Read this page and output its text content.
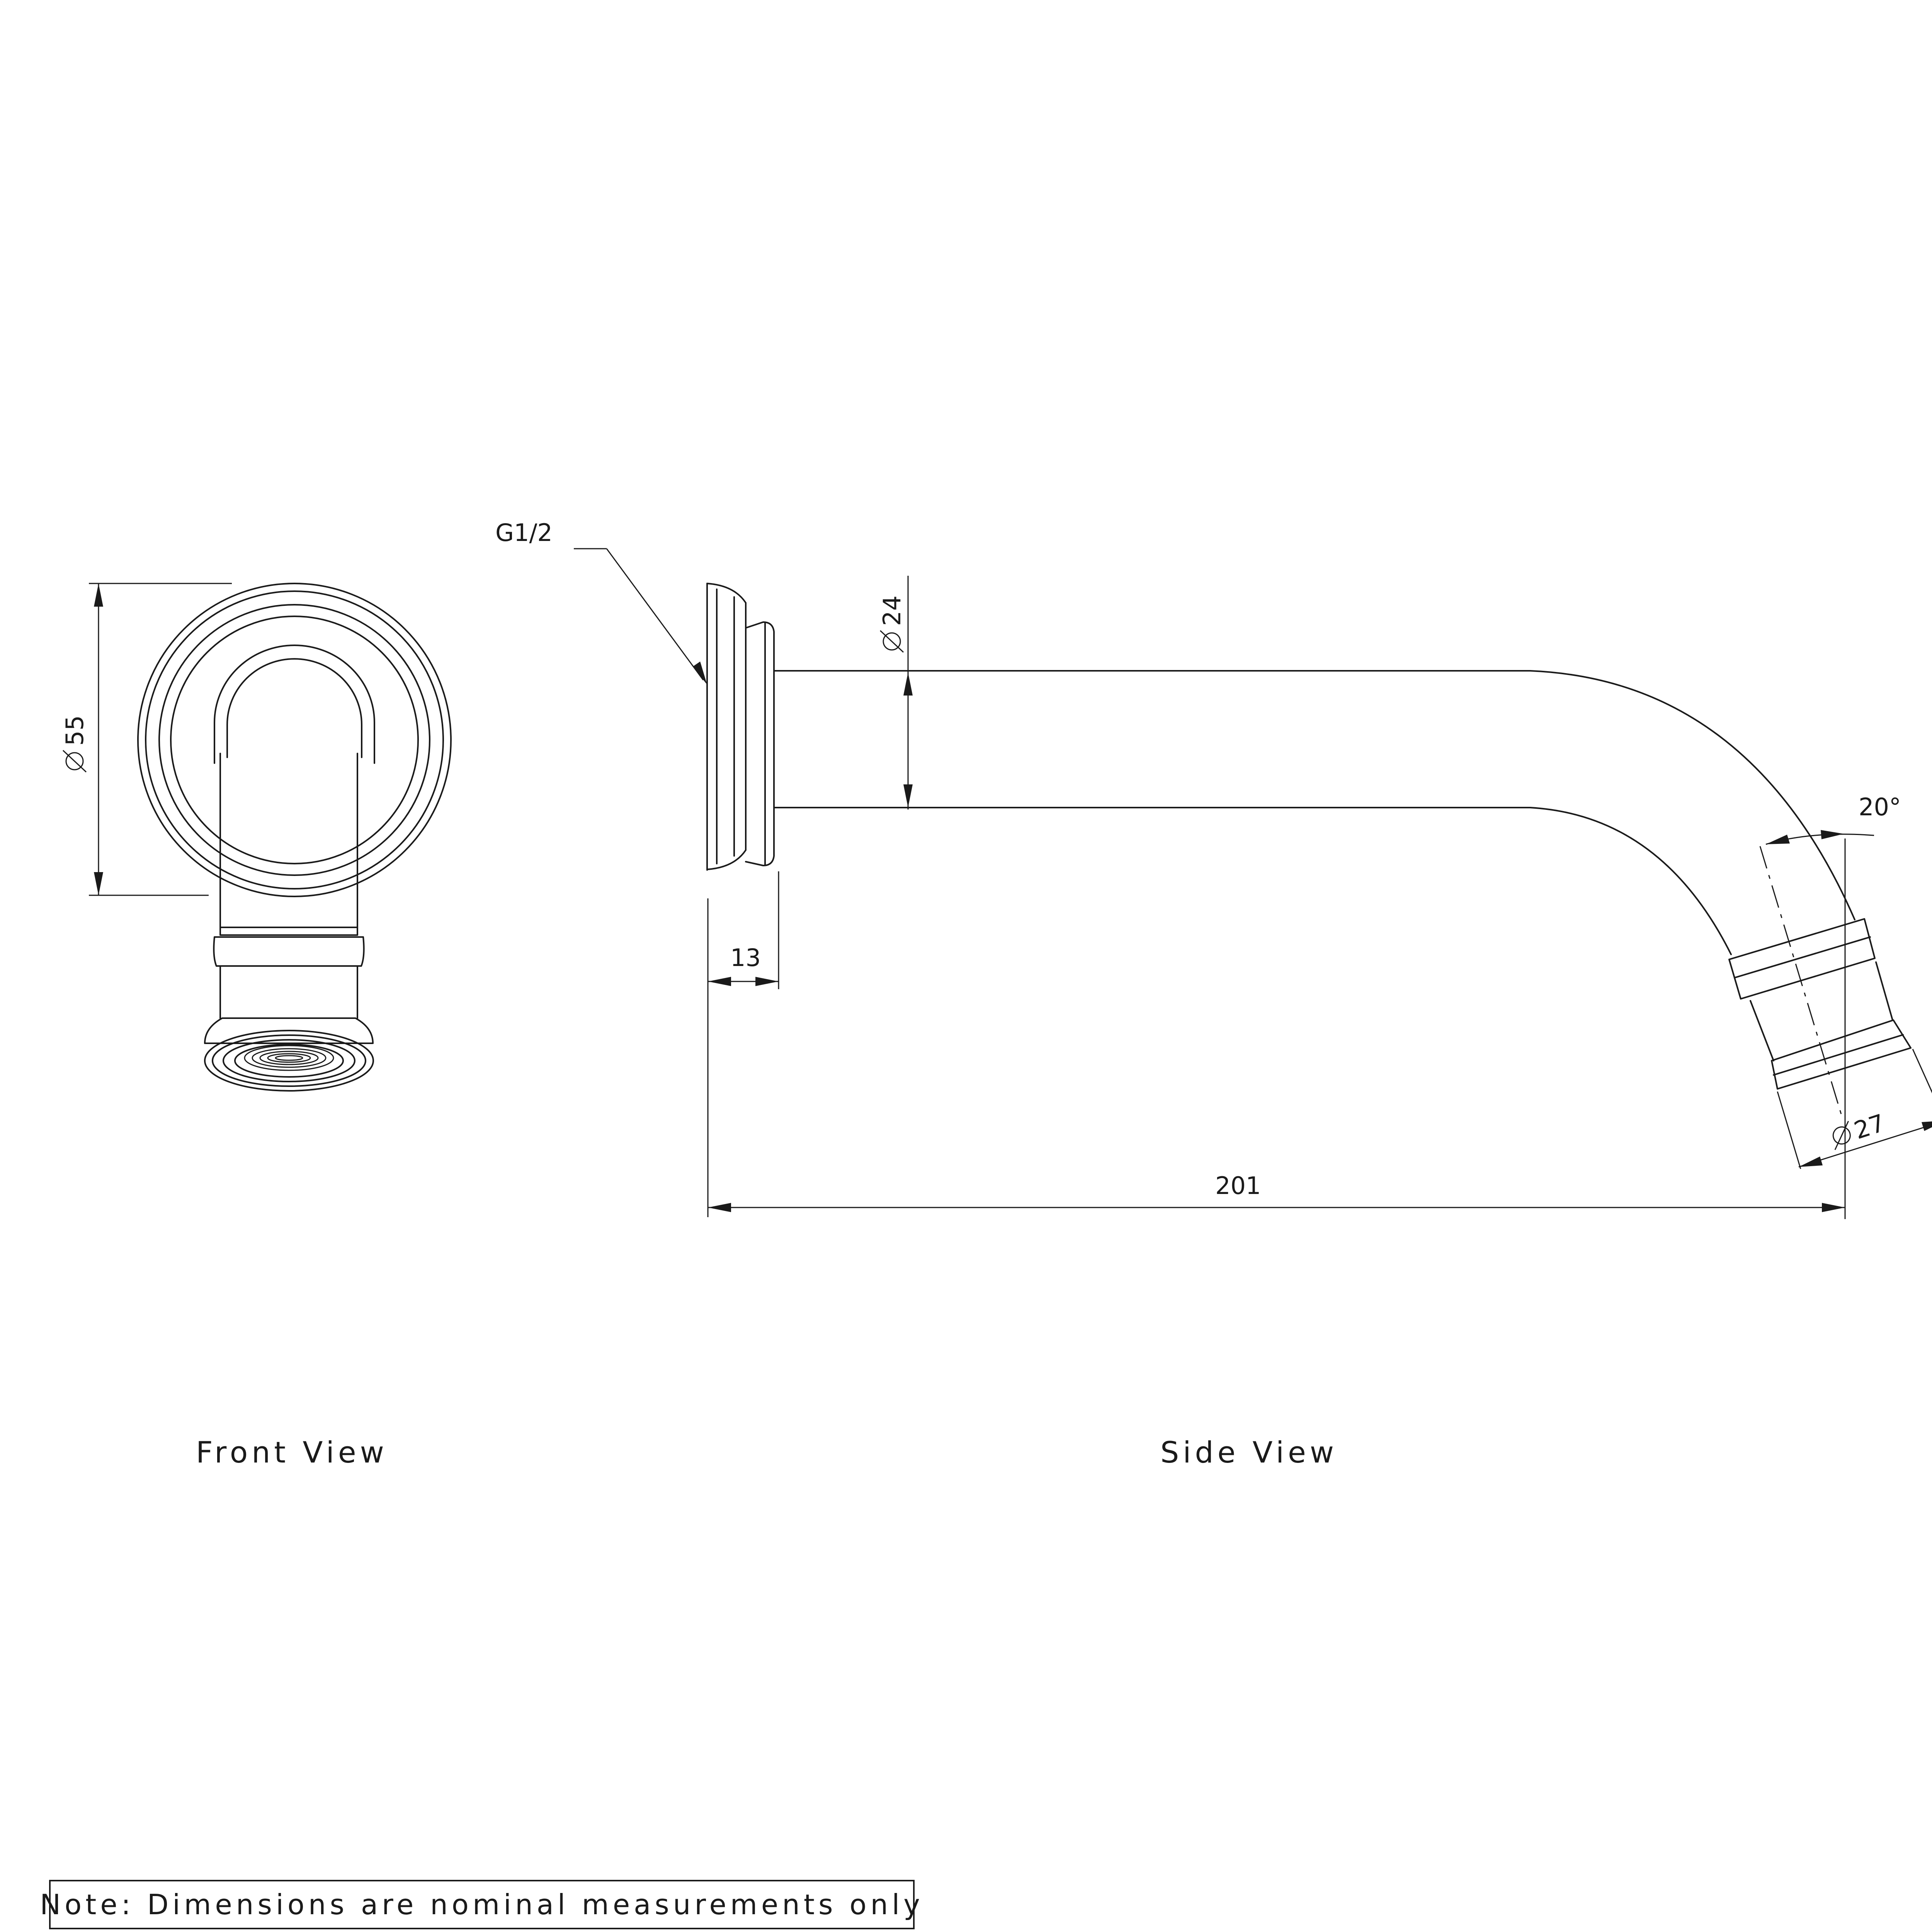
55
G1/2
24
13
201
20°
27
Front View	Side View
Note: Dimensions are nominal measurements only
